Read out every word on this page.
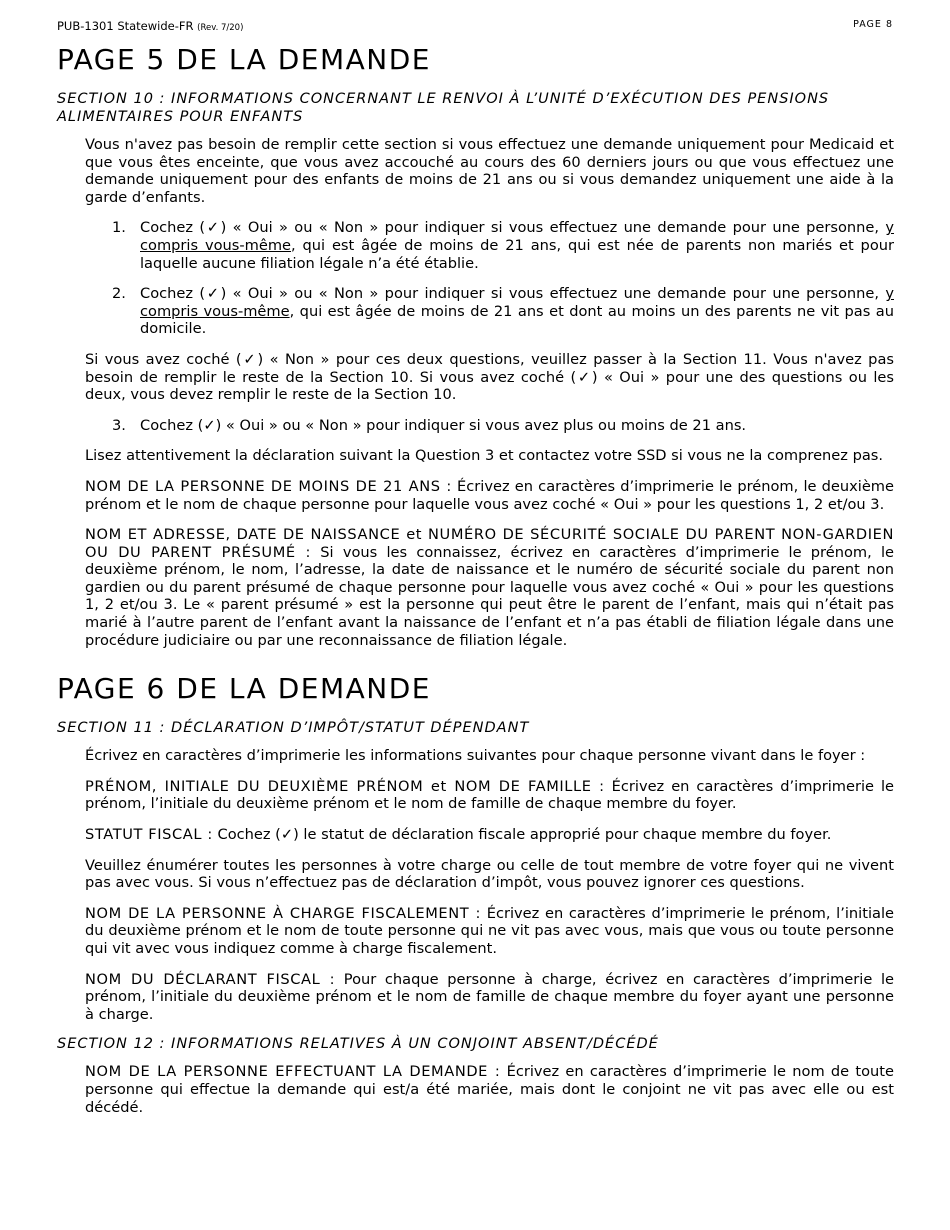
PUB-1301 Statewide-FR (Rev. 7/20)	PAGE 8
PAGE 5 DE LA DEMANDE
SECTION 10 : INFORMATIONS CONCERNANT LE RENVOI À L’UNITÉ D’EXÉCUTION DES PENSIONS ALIMENTAIRES POUR ENFANTS

Vous n'avez pas besoin de remplir cette section si vous effectuez une demande uniquement pour Medicaid et que vous êtes enceinte, que vous avez accouché au cours des 60 derniers jours ou que vous effectuez une demande uniquement pour des enfants de moins de 21 ans ou si vous demandez uniquement une aide à la garde d’enfants.

1. Cochez (✓) « Oui » ou « Non » pour indiquer si vous effectuez une demande pour une personne, y compris vous-même, qui est âgée de moins de 21 ans, qui est née de parents non mariés et pour laquelle aucune filiation légale n’a été établie.
2. Cochez (✓) « Oui » ou « Non » pour indiquer si vous effectuez une demande pour une personne, y compris vous-même, qui est âgée de moins de 21 ans et dont au moins un des parents ne vit pas au domicile.

Si vous avez coché (✓) « Non » pour ces deux questions, veuillez passer à la Section 11. Vous n'avez pas besoin de remplir le reste de la Section 10. Si vous avez coché (✓) « Oui » pour une des questions ou les deux, vous devez remplir le reste de la Section 10.

3. Cochez (✓) « Oui » ou « Non » pour indiquer si vous avez plus ou moins de 21 ans.

Lisez attentivement la déclaration suivant la Question 3 et contactez votre SSD si vous ne la comprenez pas.

NOM DE LA PERSONNE DE MOINS DE 21 ANS : Écrivez en caractères d’imprimerie le prénom, le deuxième prénom et le nom de chaque personne pour laquelle vous avez coché « Oui » pour les questions 1, 2 et/ou 3.

NOM ET ADRESSE, DATE DE NAISSANCE et NUMÉRO DE SÉCURITÉ SOCIALE DU PARENT NON-GARDIEN OU DU PARENT PRÉSUMÉ : Si vous les connaissez, écrivez en caractères d’imprimerie le prénom, le deuxième prénom, le nom, l’adresse, la date de naissance et le numéro de sécurité sociale du parent non gardien ou du parent présumé de chaque personne pour laquelle vous avez coché « Oui » pour les questions 1, 2 et/ou 3. Le « parent présumé » est la personne qui peut être le parent de l’enfant, mais qui n’était pas marié à l’autre parent de l’enfant avant la naissance de l’enfant et n’a pas établi de filiation légale dans une procédure judiciaire ou par une reconnaissance de filiation légale.

PAGE 6 DE LA DEMANDE
SECTION 11 : DÉCLARATION D’IMPÔT/STATUT DÉPENDANT

Écrivez en caractères d’imprimerie les informations suivantes pour chaque personne vivant dans le foyer :

PRÉNOM, INITIALE DU DEUXIÈME PRÉNOM et NOM DE FAMILLE : Écrivez en caractères d’imprimerie le prénom, l’initiale du deuxième prénom et le nom de famille de chaque membre du foyer.

STATUT FISCAL : Cochez (✓) le statut de déclaration fiscale approprié pour chaque membre du foyer.

Veuillez énumérer toutes les personnes à votre charge ou celle de tout membre de votre foyer qui ne vivent pas avec vous. Si vous n’effectuez pas de déclaration d’impôt, vous pouvez ignorer ces questions.

NOM DE LA PERSONNE À CHARGE FISCALEMENT : Écrivez en caractères d’imprimerie le prénom, l’initiale du deuxième prénom et le nom de toute personne qui ne vit pas avec vous, mais que vous ou toute personne qui vit avec vous indiquez comme à charge fiscalement.

NOM DU DÉCLARANT FISCAL : Pour chaque personne à charge, écrivez en caractères d’imprimerie le prénom, l’initiale du deuxième prénom et le nom de famille de chaque membre du foyer ayant une personne à charge.

SECTION 12 : INFORMATIONS RELATIVES À UN CONJOINT ABSENT/DÉCÉDÉ

NOM DE LA PERSONNE EFFECTUANT LA DEMANDE : Écrivez en caractères d’imprimerie le nom de toute personne qui effectue la demande qui est/a été mariée, mais dont le conjoint ne vit pas avec elle ou est décédé.
